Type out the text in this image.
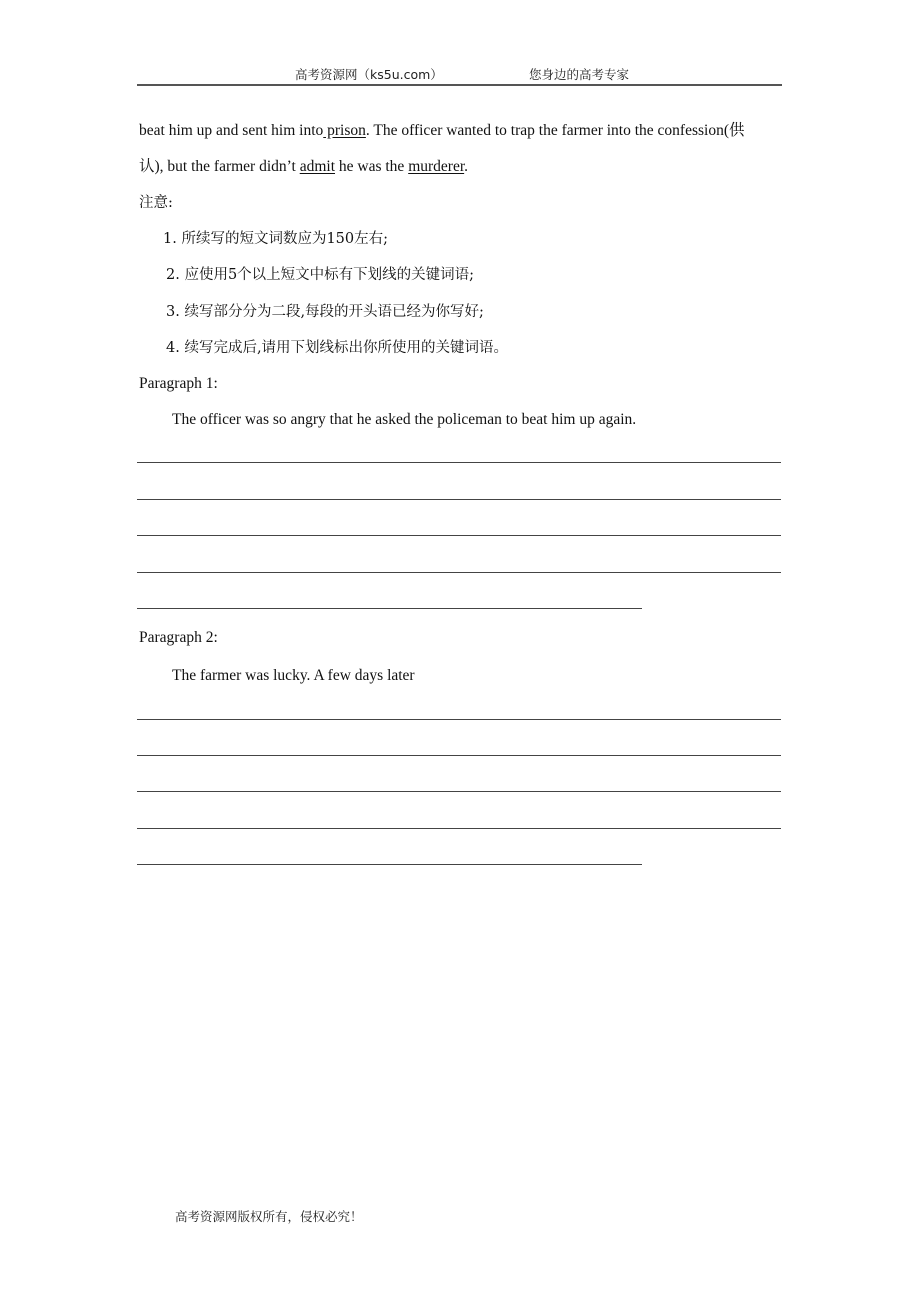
高考资源网（ks5u.com）	您身边的高考专家
beat him up and sent him into prison. The officer wanted to trap the farmer into the confession(供
认), but the farmer didn’t admit he was the murderer.
注意:
1. 所续写的短文词数应为150左右;
2. 应使用5个以上短文中标有下划线的关键词语;
3. 续写部分分为二段,每段的开头语已经为你写好;
4. 续写完成后,请用下划线标出你所使用的关键词语。
Paragraph 1:
The officer was so angry that he asked the policeman to beat him up again.
Paragraph 2:
The farmer was lucky. A few days later
高考资源网版权所有，侵权必究！
